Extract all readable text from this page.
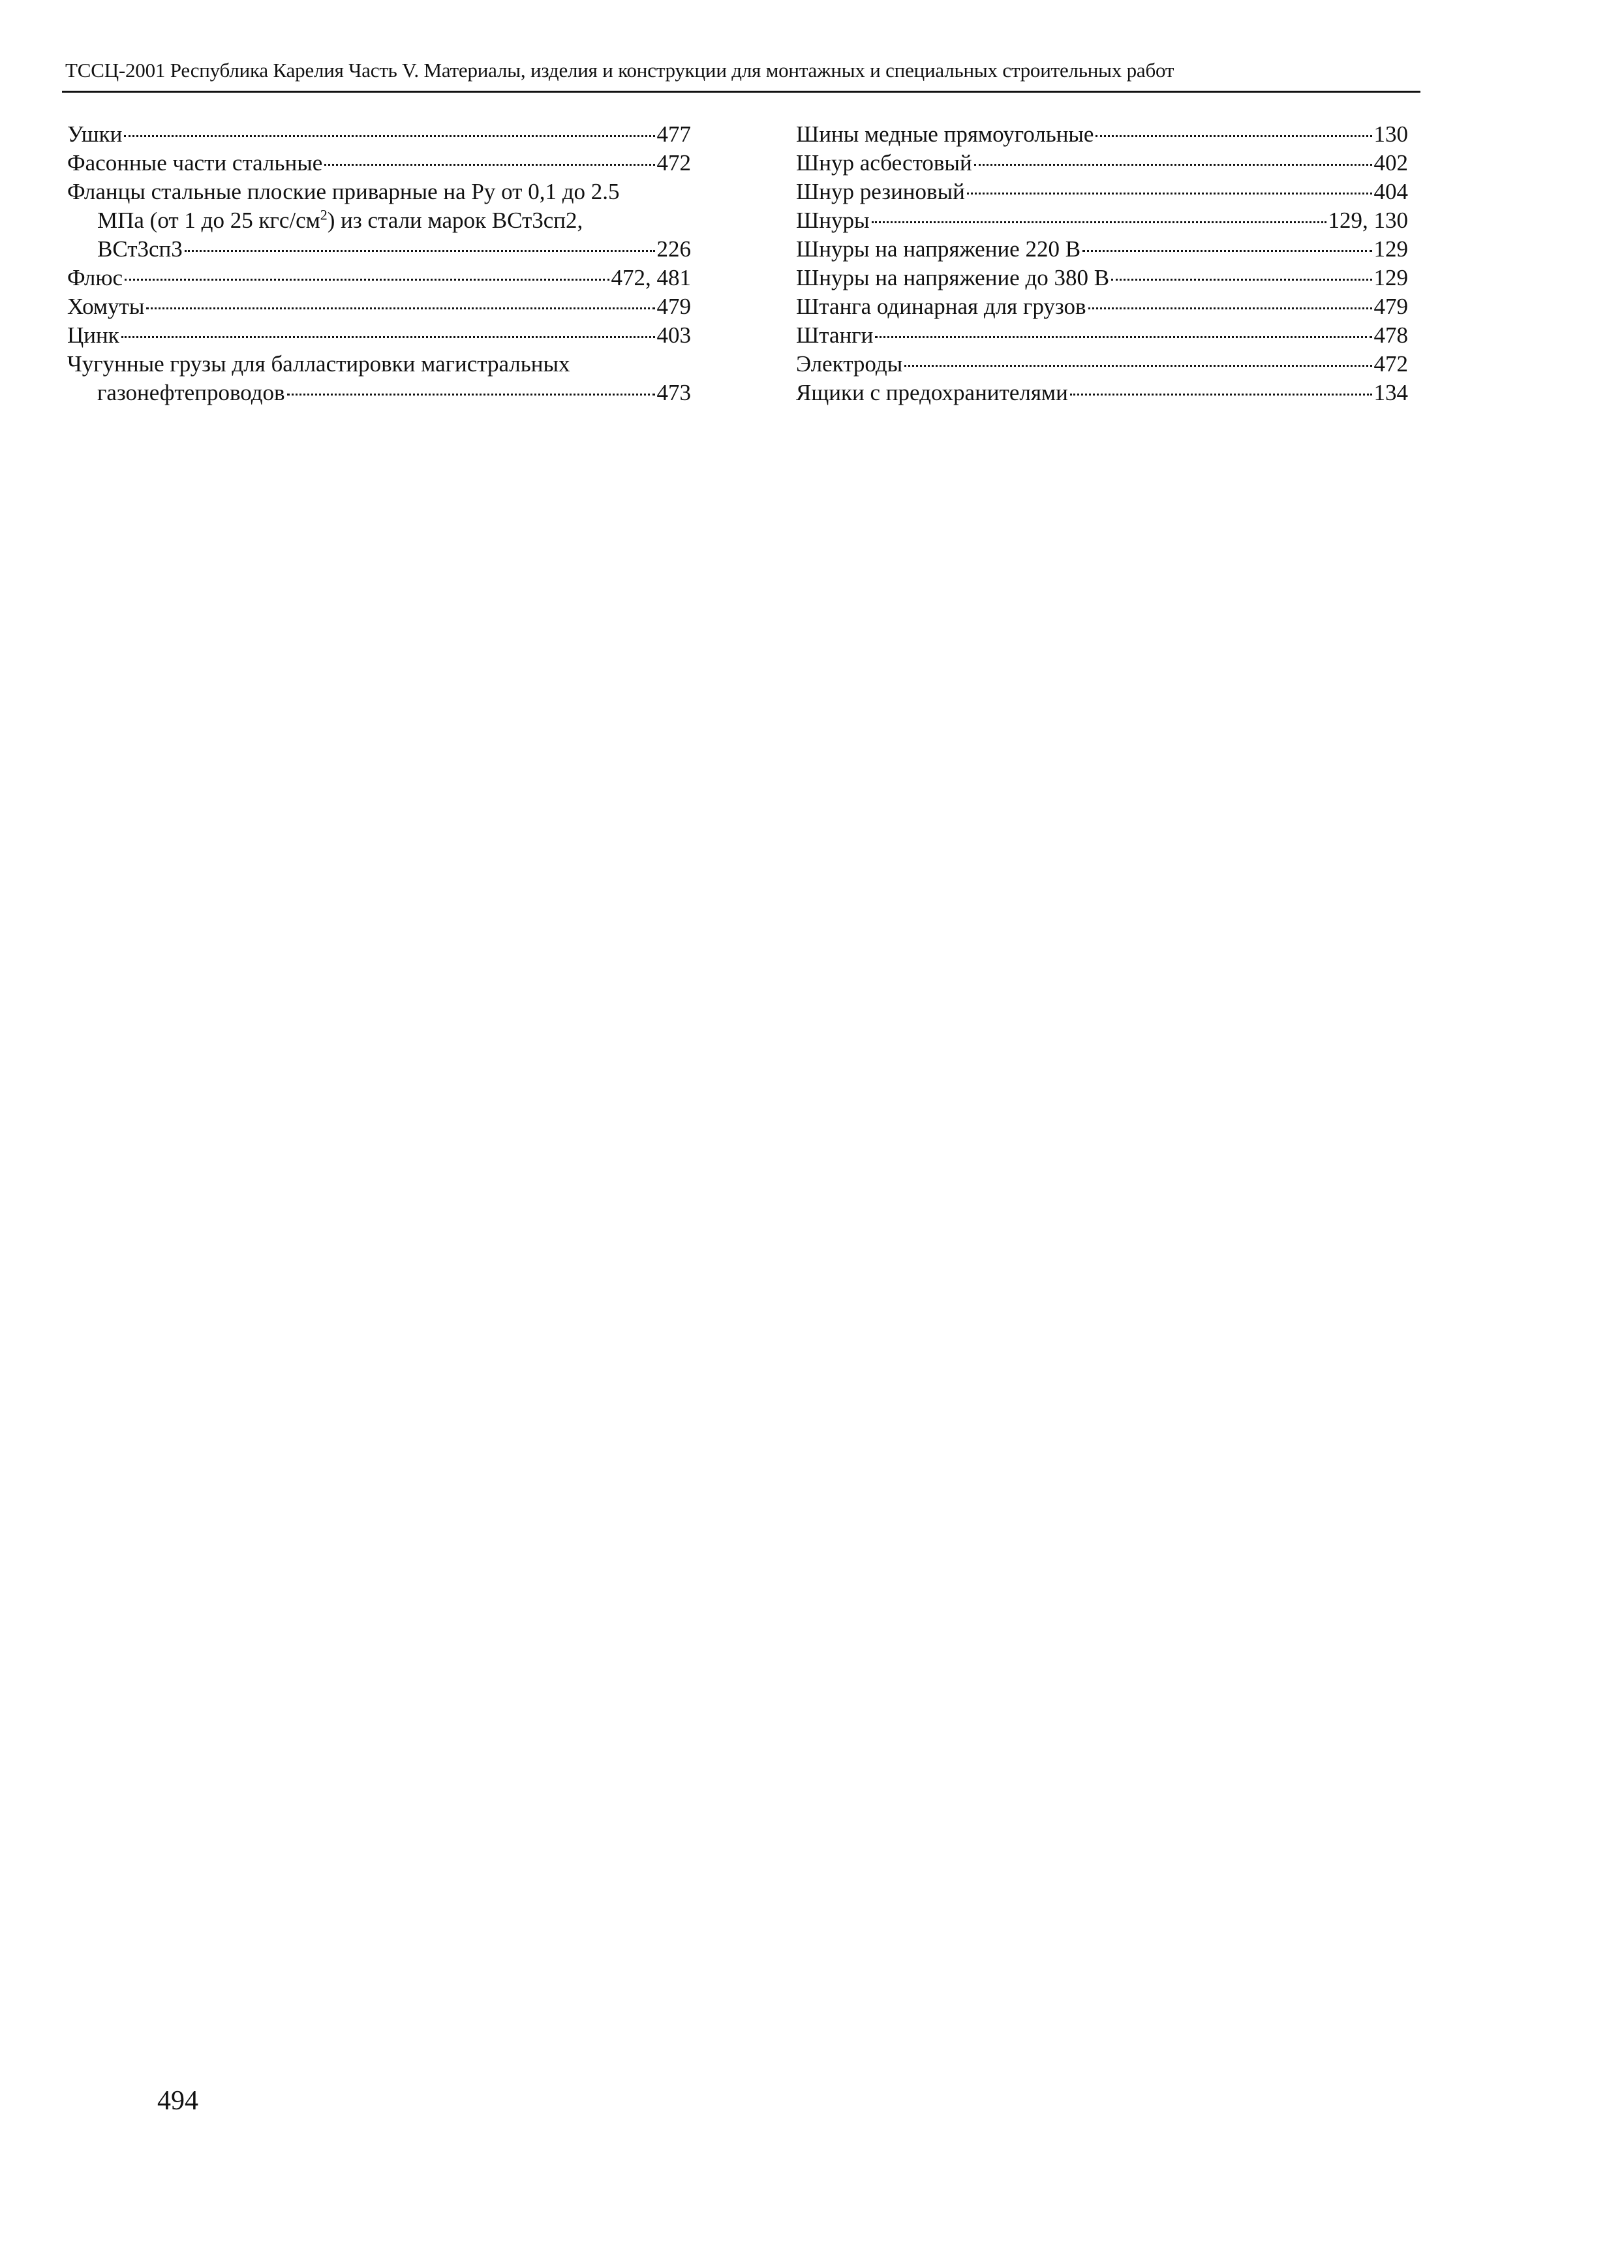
ТССЦ-2001 Республика Карелия Часть V. Материалы, изделия и конструкции для монтажных и специальных строительных работ
Ушки	477
Фасонные части стальные	472
Фланцы стальные плоские приварные на Ру от 0,1 до 2.5
МПа (от 1 до 25 кгс/$см^2$) из стали марок ВСт3сп2,
ВСт3сп3	226
Флюс	472, 481
Хомуты	479
Цинк	403
Чугунные грузы для балластировки магистральных
газонефтепроводов	473
Шины медные прямоугольные	130
Шнур асбестовый	402
Шнур резиновый	404
Шнуры	129, 130
Шнуры на напряжение 220 В	129
Шнуры на напряжение до 380 В	129
Штанга одинарная для грузов	479
Штанги	478
Электроды	472
Ящики с предохранителями	134
494
